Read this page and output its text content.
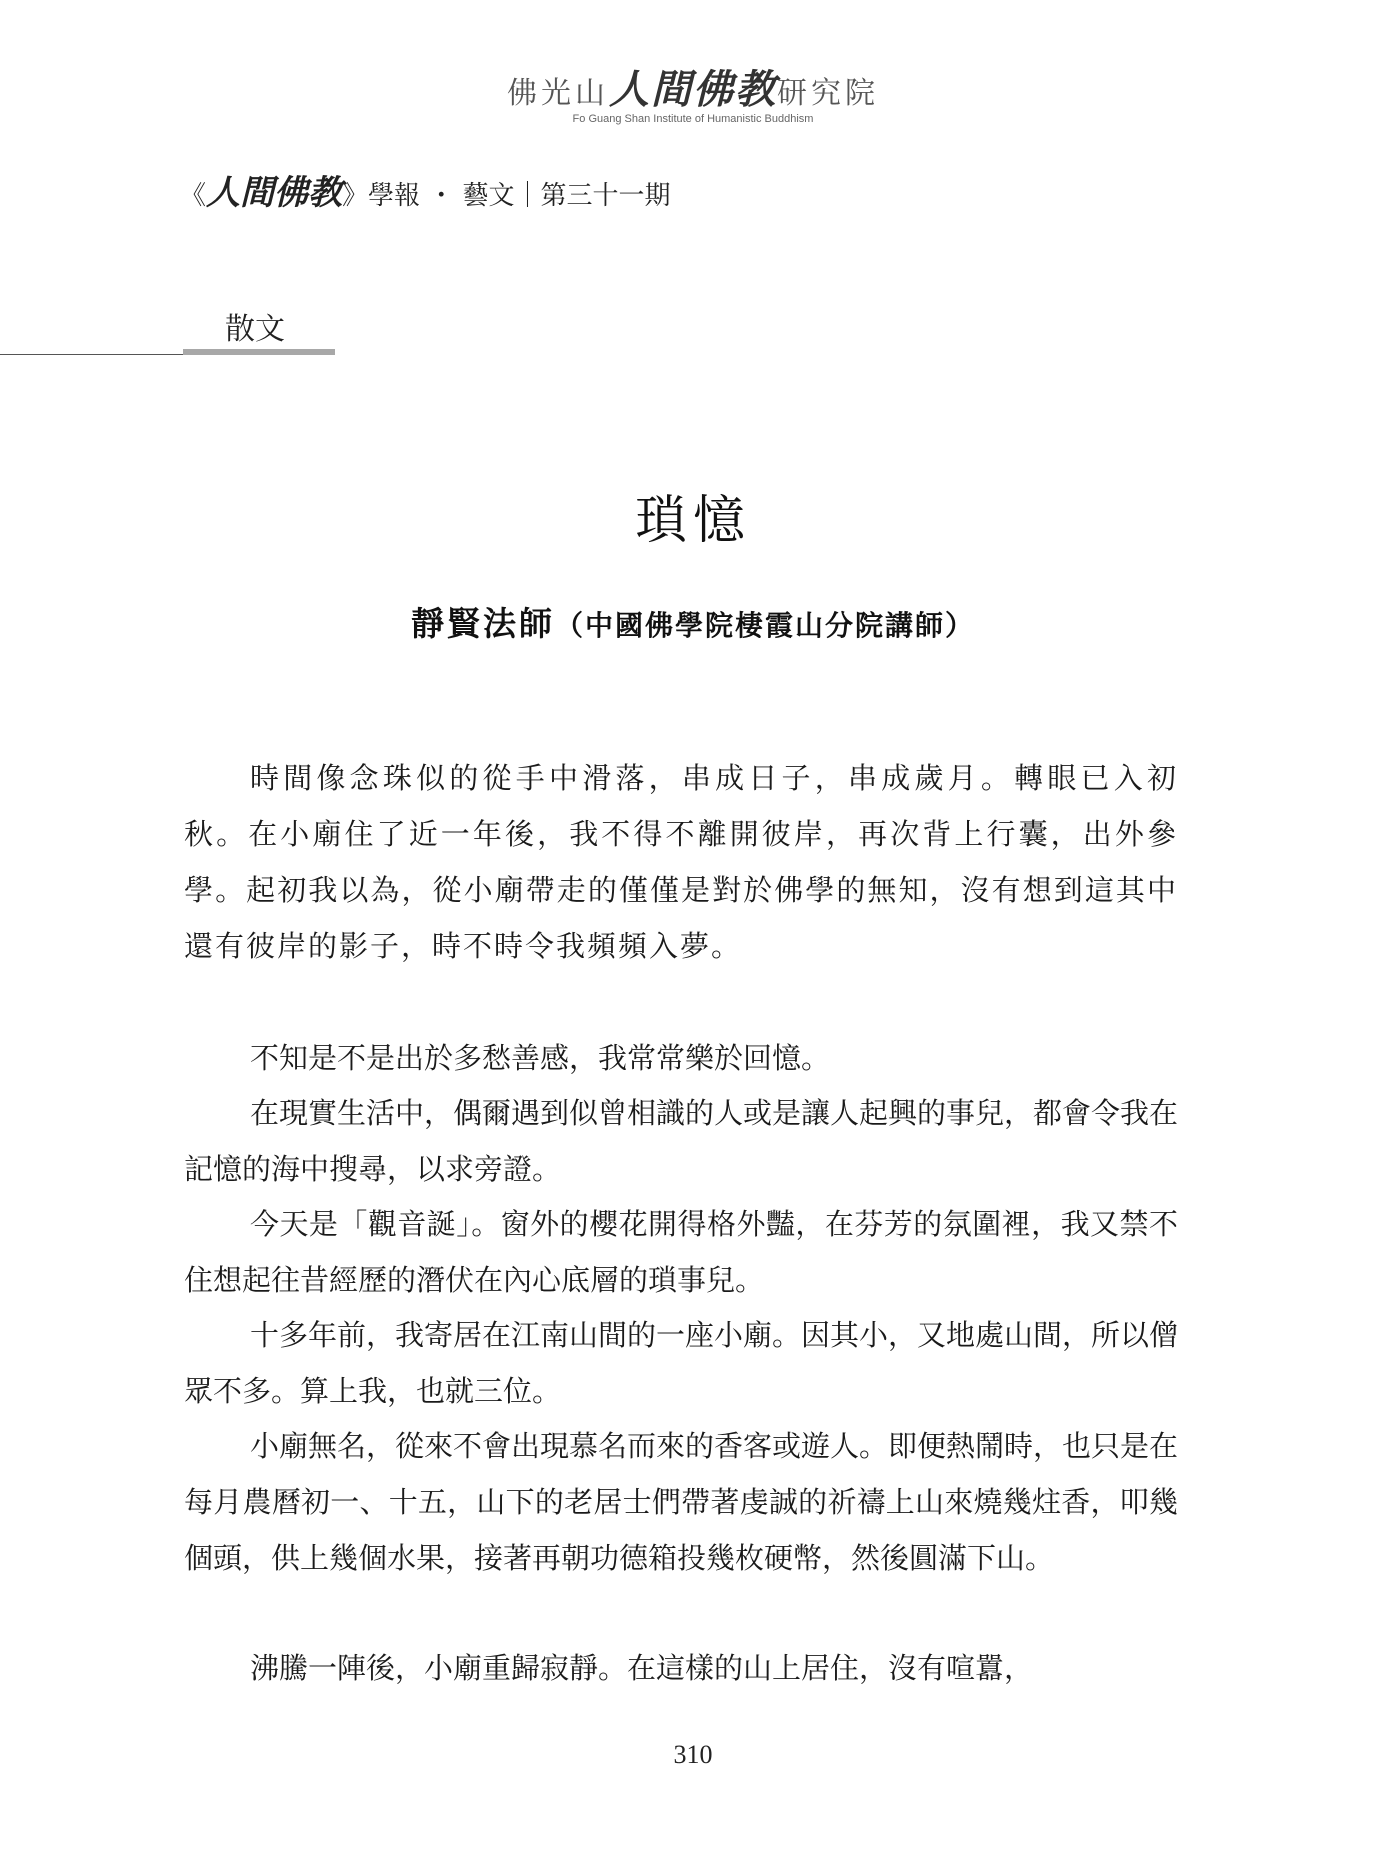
佛光山人間佛教研究院
Fo Guang Shan Institute of Humanistic Buddhism
《人間佛教》學報 ・ 藝文｜第三十一期
散文
瑣憶
靜賢法師（中國佛學院棲霞山分院講師）

時間像念珠似的從手中滑落，串成日子，串成歲月。轉眼已入初秋。在小廟住了近一年後，我不得不離開彼岸，再次背上行囊，出外參學。起初我以為，從小廟帶走的僅僅是對於佛學的無知，沒有想到這其中還有彼岸的影子，時不時令我頻頻入夢。

不知是不是出於多愁善感，我常常樂於回憶。

在現實生活中，偶爾遇到似曾相識的人或是讓人起興的事兒，都會令我在記憶的海中搜尋，以求旁證。

今天是「觀音誕」。窗外的櫻花開得格外豔，在芬芳的氛圍裡，我又禁不住想起往昔經歷的潛伏在內心底層的瑣事兒。

十多年前，我寄居在江南山間的一座小廟。因其小，又地處山間，所以僧眾不多。算上我，也就三位。

小廟無名，從來不會出現慕名而來的香客或遊人。即便熱鬧時，也只是在每月農曆初一、十五，山下的老居士們帶著虔誠的祈禱上山來燒幾炷香，叩幾個頭，供上幾個水果，接著再朝功德箱投幾枚硬幣，然後圓滿下山。

沸騰一陣後，小廟重歸寂靜。在這樣的山上居住，沒有喧囂，

310
